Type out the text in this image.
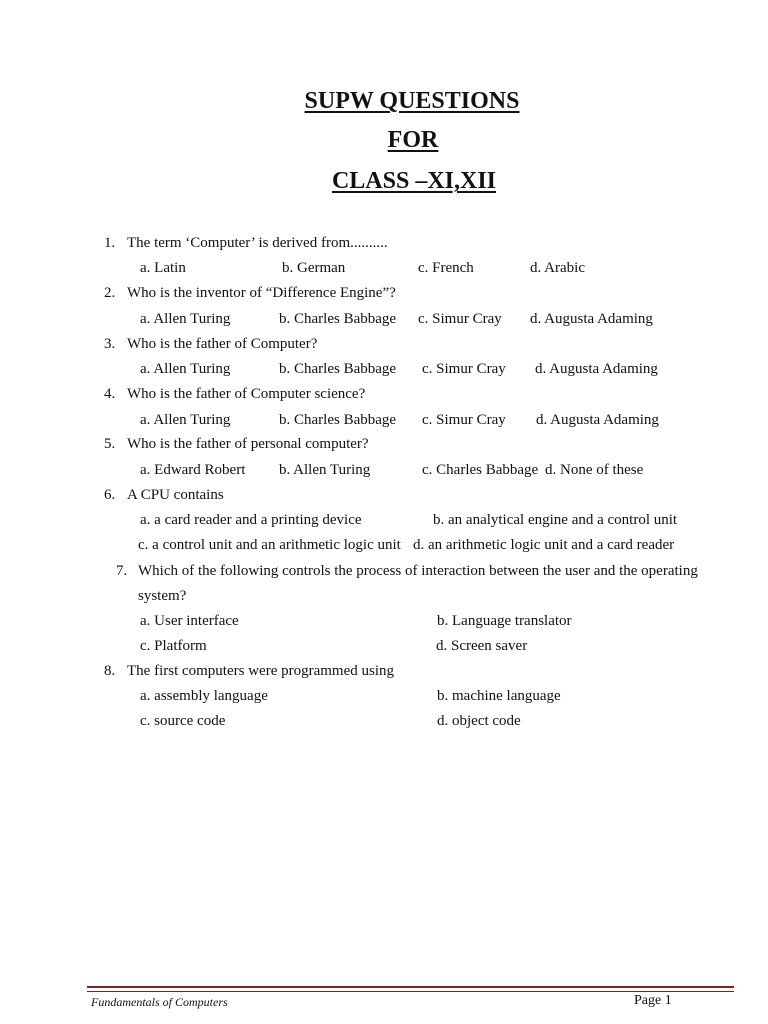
SUPW QUESTIONS
FOR
CLASS –XI,XII
1. The term ‘Computer’ is derived from..........
a. Latin	b. German	c. French	d. Arabic
2. Who is the inventor of “Difference Engine”?
a. Allen Turing	b. Charles Babbage c. Simur Cray d. Augusta Adaming
3. Who is the father of Computer?
a. Allen Turing	b. Charles Babbage c. Simur Cray d. Augusta Adaming
4. Who is the father of Computer science?
a. Allen Turing	b. Charles Babbage c. Simur Cray d. Augusta Adaming
5. Who is the father of personal computer?
a. Edward Robert b. Allen Turing	c. Charles Babbage d. None of these
6. A CPU contains
a. a card reader and a printing device	b. an analytical engine and a control unit
c. a control unit and an arithmetic logic unit d. an arithmetic logic unit and a card reader
7. Which of the following controls the process of interaction between the user and the operating
system?
a. User interface	b. Language translator
c. Platform	d. Screen saver
8. The first computers were programmed using
a. assembly language	b. machine language
c. source code	d. object code
Fundamentals of Computers	Page 1
